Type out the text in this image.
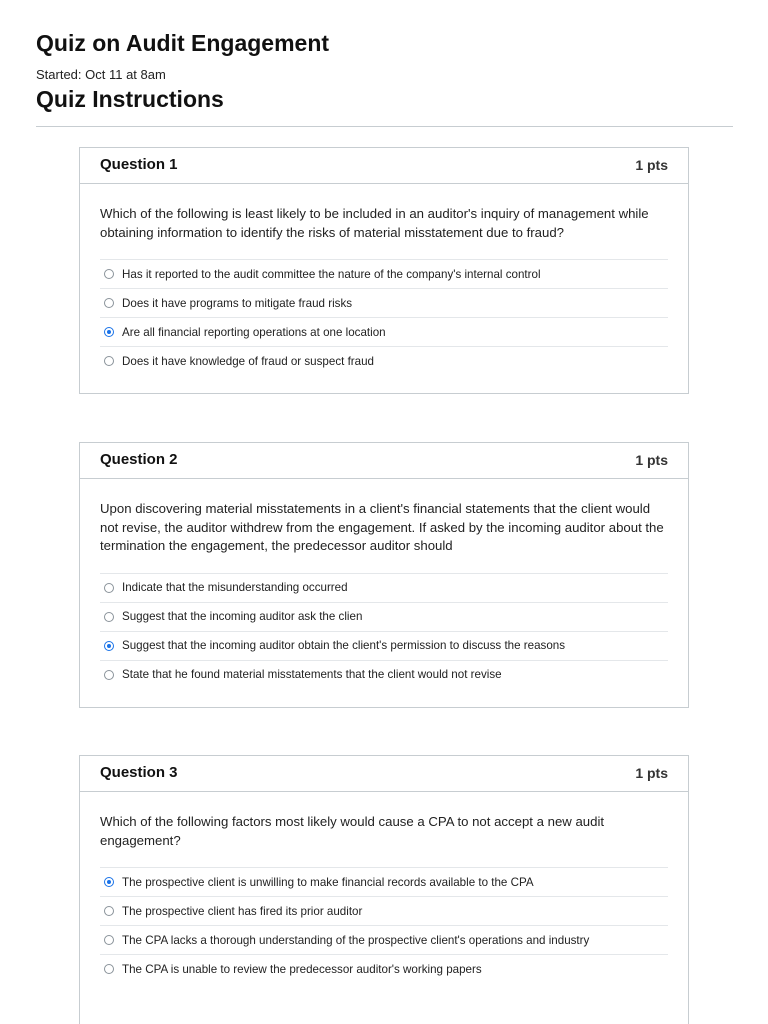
Quiz on Audit Engagement
Started: Oct 11 at 8am
Quiz Instructions
Question 1	1 pts
Which of the following is least likely to be included in an auditor's inquiry of management while obtaining information to identify the risks of material misstatement due to fraud?
Has it reported to the audit committee the nature of the company's internal control
Does it have programs to mitigate fraud risks
Are all financial reporting operations at one location
Does it have knowledge of fraud or suspect fraud
Question 2	1 pts
Upon discovering material misstatements in a client's financial statements that the client would not revise, the auditor withdrew from the engagement. If asked by the incoming auditor about the termination the engagement, the predecessor auditor should
Indicate that the misunderstanding occurred
Suggest that the incoming auditor ask the clien
Suggest that the incoming auditor obtain the client's permission to discuss the reasons
State that he found material misstatements that the client would not revise
Question 3	1 pts
Which of the following factors most likely would cause a CPA to not accept a new audit engagement?
The prospective client is unwilling to make financial records available to the CPA
The prospective client has fired its prior auditor
The CPA lacks a thorough understanding of the prospective client's operations and industry
The CPA is unable to review the predecessor auditor's working papers
